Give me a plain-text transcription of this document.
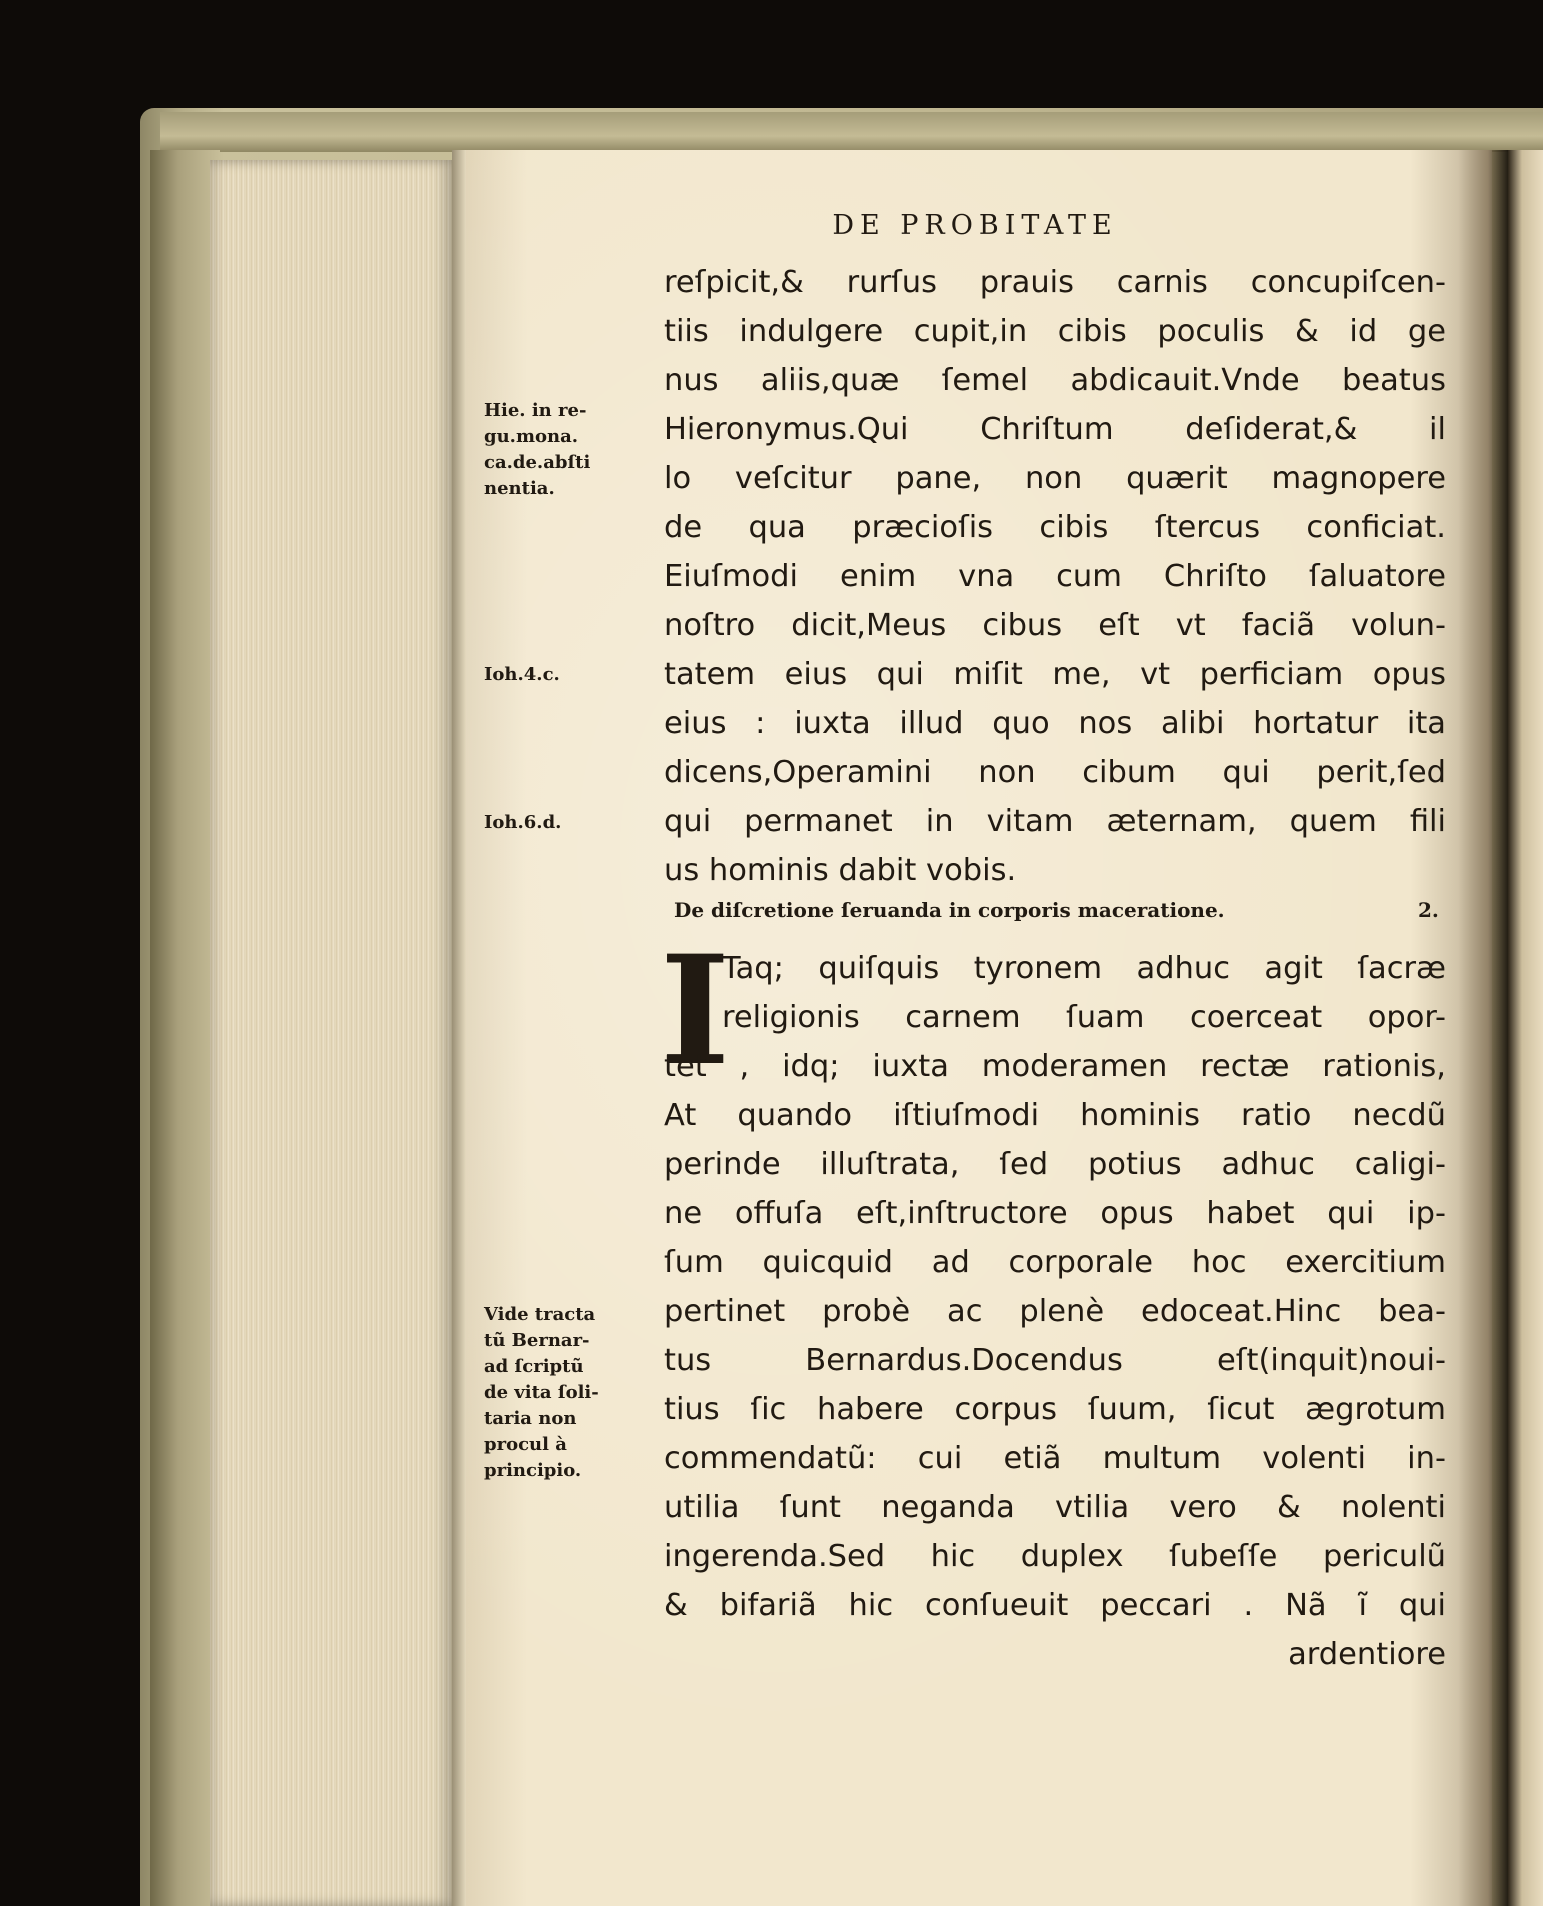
DE PROBITATE
reſpicit,& rurſus prauis carnis concupiſcen-
tiis indulgere cupit,in cibis poculis & id ge
nus aliis,quæ ſemel abdicauit.Vnde beatus
Hieronymus.Qui Chriſtum deſiderat,& il
lo veſcitur pane, non quærit magnopere
de qua præcioſis cibis ſtercus conficiat.
Eiuſmodi enim vna cum Chriſto ſaluatore
noſtro dicit,Meus cibus eſt vt faciã volun-
tatem eius qui miſit me, vt perficiam opus
eius : iuxta illud quo nos alibi hortatur ita
dicens,Operamini non cibum qui perit,ſed
qui permanet in vitam æternam, quem fili
us hominis dabit vobis.
De diſcretione ſeruanda in corporis maceratione.	2.
I
Taq; quiſquis tyronem adhuc agit ſacræ
religionis carnem ſuam coerceat opor-
tet , idq; iuxta moderamen rectæ rationis,
At quando iſtiuſmodi hominis ratio necdũ
perinde illuſtrata, ſed potius adhuc caligi-
ne offuſa eſt,inſtructore opus habet qui ip-
ſum quicquid ad corporale hoc exercitium
pertinet probè ac plenè edoceat.Hinc bea-
tus Bernardus.Docendus eſt(inquit)noui-
tius ſic habere corpus ſuum, ſicut ægrotum
commendatũ: cui etiã multum volenti in-
utilia ſunt neganda vtilia vero & nolenti
ingerenda.Sed hic duplex ſubeſſe periculũ
& bifariã hic conſueuit peccari . Nã ĩ qui
ardentiore
Hie. in re-
gu.mona.
ca.de.abſti
nentia.
Ioh.4.c.
Ioh.6.d.
Vide tracta
tũ Bernar-
ad ſcriptũ
de vita ſoli-
taria non
procul à
principio.
